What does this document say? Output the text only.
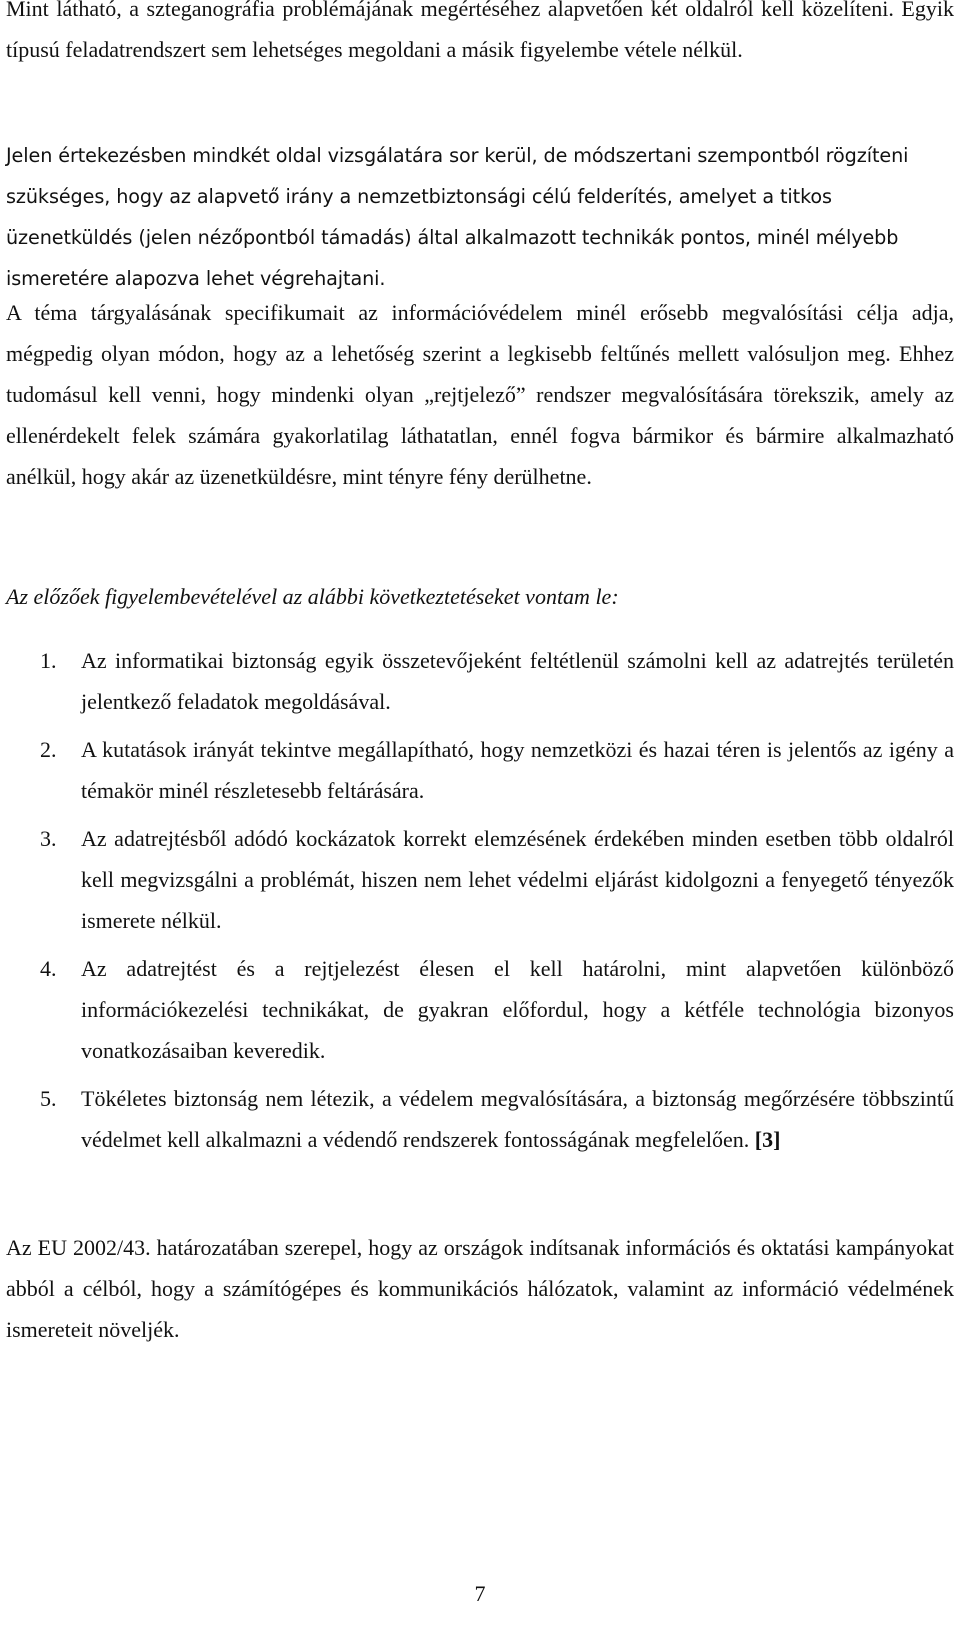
Mint látható, a szteganográfia problémájának megértéséhez alapvetően két oldalról kell közelíteni. Egyik típusú feladatrendszert sem lehetséges megoldani a másik figyelembe vétele nélkül.

Jelen értekezésben mindkét oldal vizsgálatára sor kerül, de módszertani szempontból rögzíteni szükséges, hogy az alapvető irány a nemzetbiztonsági célú felderítés, amelyet a titkos üzenetküldés (jelen nézőpontból támadás) által alkalmazott technikák pontos, minél mélyebb ismeretére alapozva lehet végrehajtani.

A téma tárgyalásának specifikumait az információvédelem minél erősebb megvalósítási célja adja, mégpedig olyan módon, hogy az a lehetőség szerint a legkisebb feltűnés mellett valósuljon meg. Ehhez tudomásul kell venni, hogy mindenki olyan „rejtjelező” rendszer megvalósítására törekszik, amely az ellenérdekelt felek számára gyakorlatilag láthatatlan, ennél fogva bármikor és bármire alkalmazható anélkül, hogy akár az üzenetküldésre, mint tényre fény derülhetne.

Az előzőek figyelembevételével az alábbi következtetéseket vontam le:

1. Az informatikai biztonság egyik összetevőjeként feltétlenül számolni kell az adatrejtés területén jelentkező feladatok megoldásával.
2. A kutatások irányát tekintve megállapítható, hogy nemzetközi és hazai téren is jelentős az igény a témakör minél részletesebb feltárására.
3. Az adatrejtésből adódó kockázatok korrekt elemzésének érdekében minden esetben több oldalról kell megvizsgálni a problémát, hiszen nem lehet védelmi eljárást kidolgozni a fenyegető tényezők ismerete nélkül.
4. Az adatrejtést és a rejtjelezést élesen el kell határolni, mint alapvetően különböző információkezelési technikákat, de gyakran előfordul, hogy a kétféle technológia bizonyos vonatkozásaiban keveredik.
5. Tökéletes biztonság nem létezik, a védelem megvalósítására, a biztonság megőrzésére többszintű védelmet kell alkalmazni a védendő rendszerek fontosságának megfelelően. [3]

Az EU 2002/43. határozatában szerepel, hogy az országok indítsanak információs és oktatási kampányokat abból a célból, hogy a számítógépes és kommunikációs hálózatok, valamint az információ védelmének ismereteit növeljék.

7
